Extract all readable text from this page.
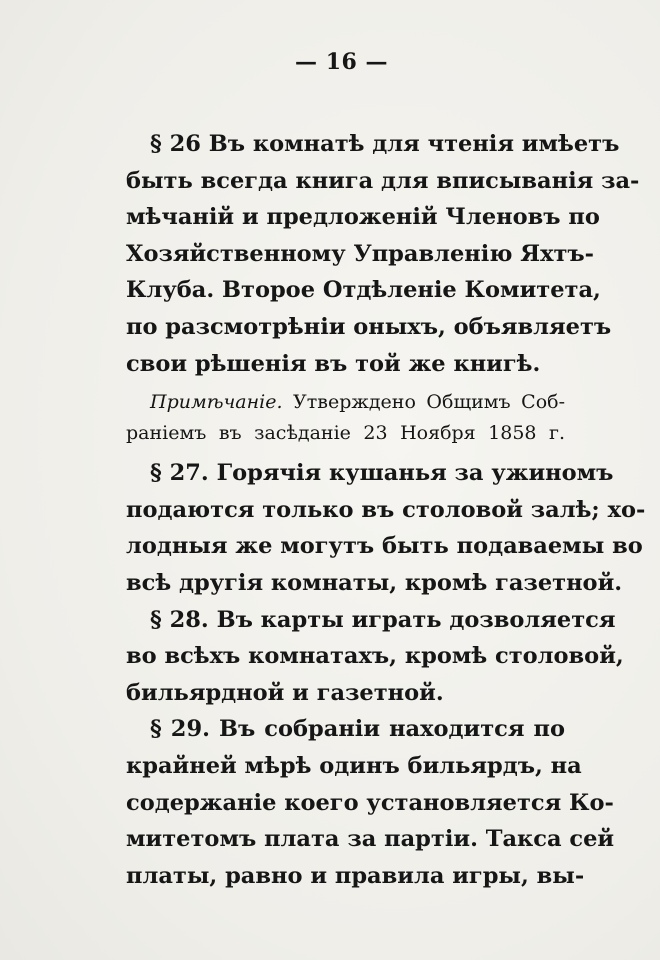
— 16 —
§ 26 Въ комнатѣ для чтенія имѣетъ
быть всегда книга для вписыванія за-
мѣчаній и предложеній Членовъ по
Хозяйственному Управленію Яхтъ-
Клуба. Второе Отдѣленіе Комитета,
по разсмотрѣніи оныхъ, объявляетъ
свои рѣшенія въ той же книгѣ.
Примѣчаніе. Утверждено Общимъ Соб-
раніемъ въ засѣданіе 23 Ноября 1858 г.
§ 27. Горячія кушанья за ужиномъ
подаются только въ столовой залѣ; хо-
лодныя же могутъ быть подаваемы во
всѣ другія комнаты, кромѣ газетной.
§ 28. Въ карты играть дозволяется
во всѣхъ комнатахъ, кромѣ столовой,
бильярдной и газетной.
§ 29. Въ собраніи находится по
крайней мѣрѣ одинъ бильярдъ, на
содержаніе коего установляется Ко-
митетомъ плата за партіи. Такса сей
платы, равно и правила игры, вы-
